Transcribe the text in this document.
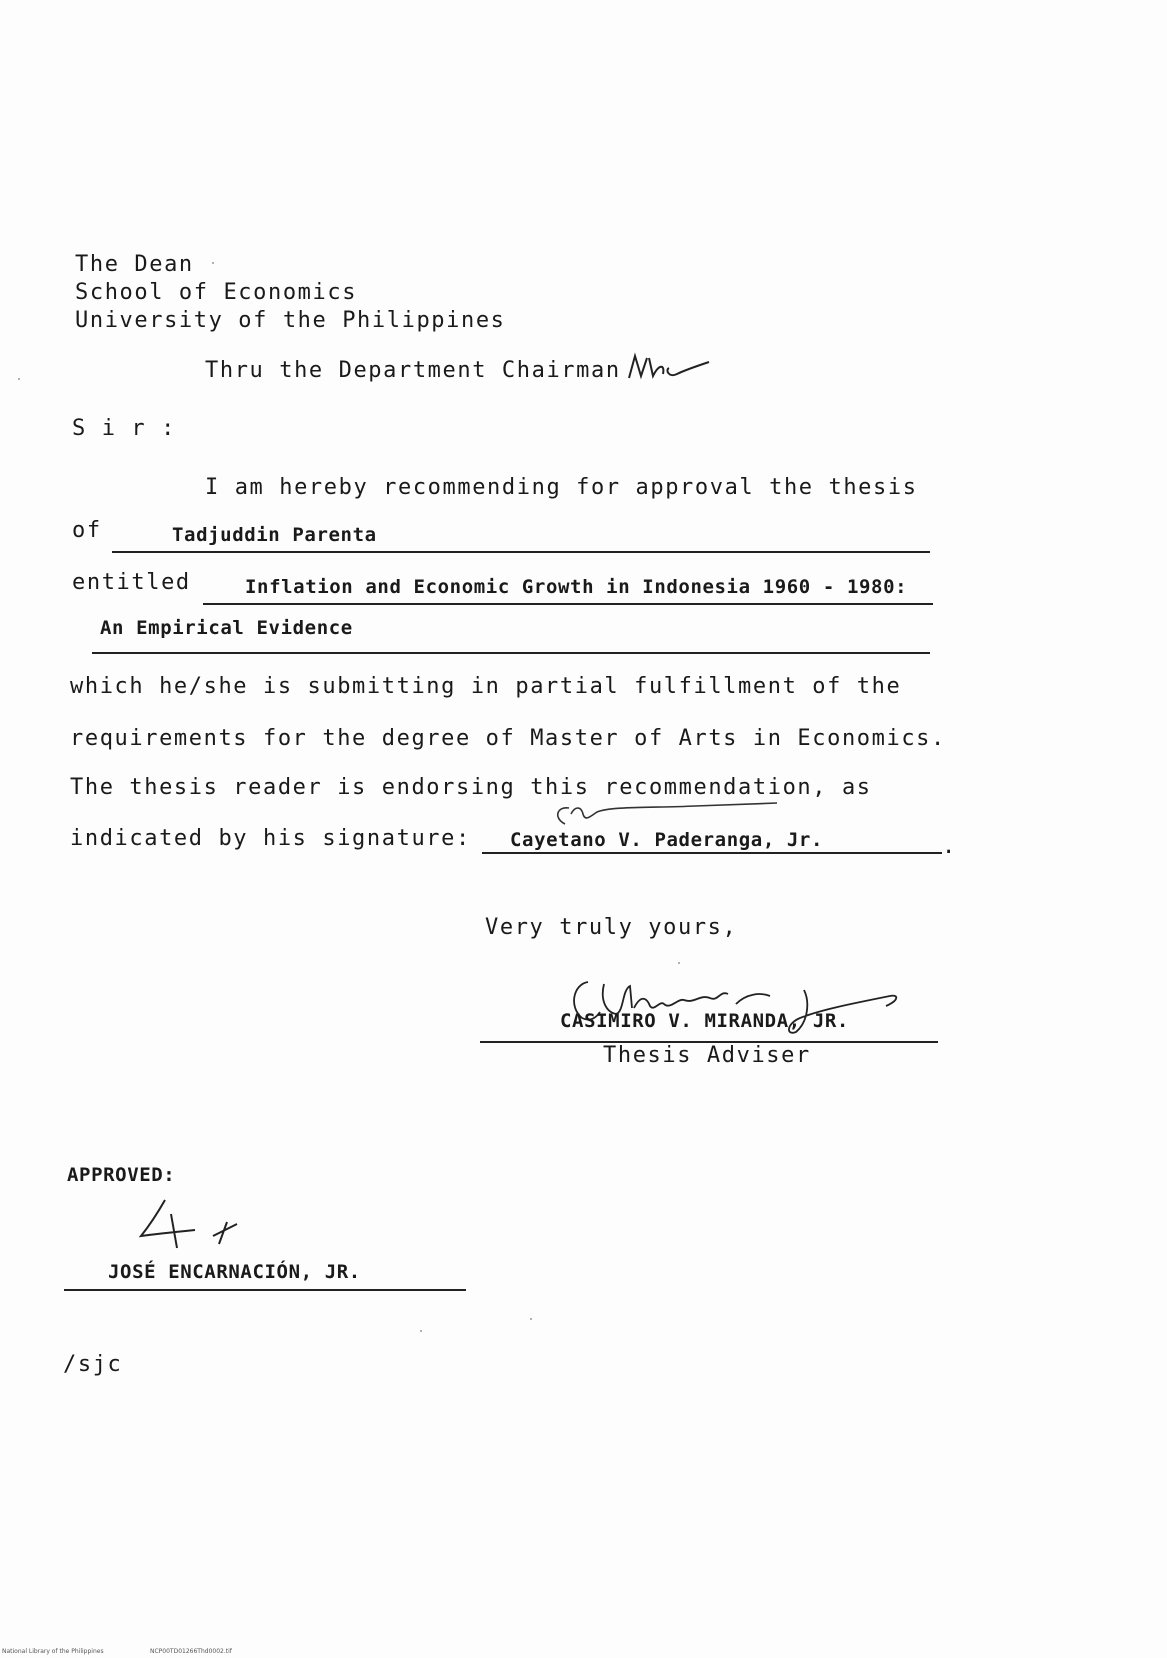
The Dean
School of Economics
University of the Philippines
Thru the Department Chairman
S i r :
I am hereby recommending for approval the thesis
of	Tadjuddin Parenta
entitled	Inflation and Economic Growth in Indonesia 1960 - 1980:
An Empirical Evidence
which he/she is submitting in partial fulfillment of the
requirements for the degree of Master of Arts in Economics.
The thesis reader is endorsing this recommendation, as
indicated by his signature: Cayetano V. Paderanga, Jr.	.
Very truly yours,
CASIMIRO V. MIRANDA, JR.
Thesis Adviser
APPROVED:
JOSÉ ENCARNACIÓN, JR.
/sjc
National Library of the Philippines	NCP00TD01266Thd0002.tif
